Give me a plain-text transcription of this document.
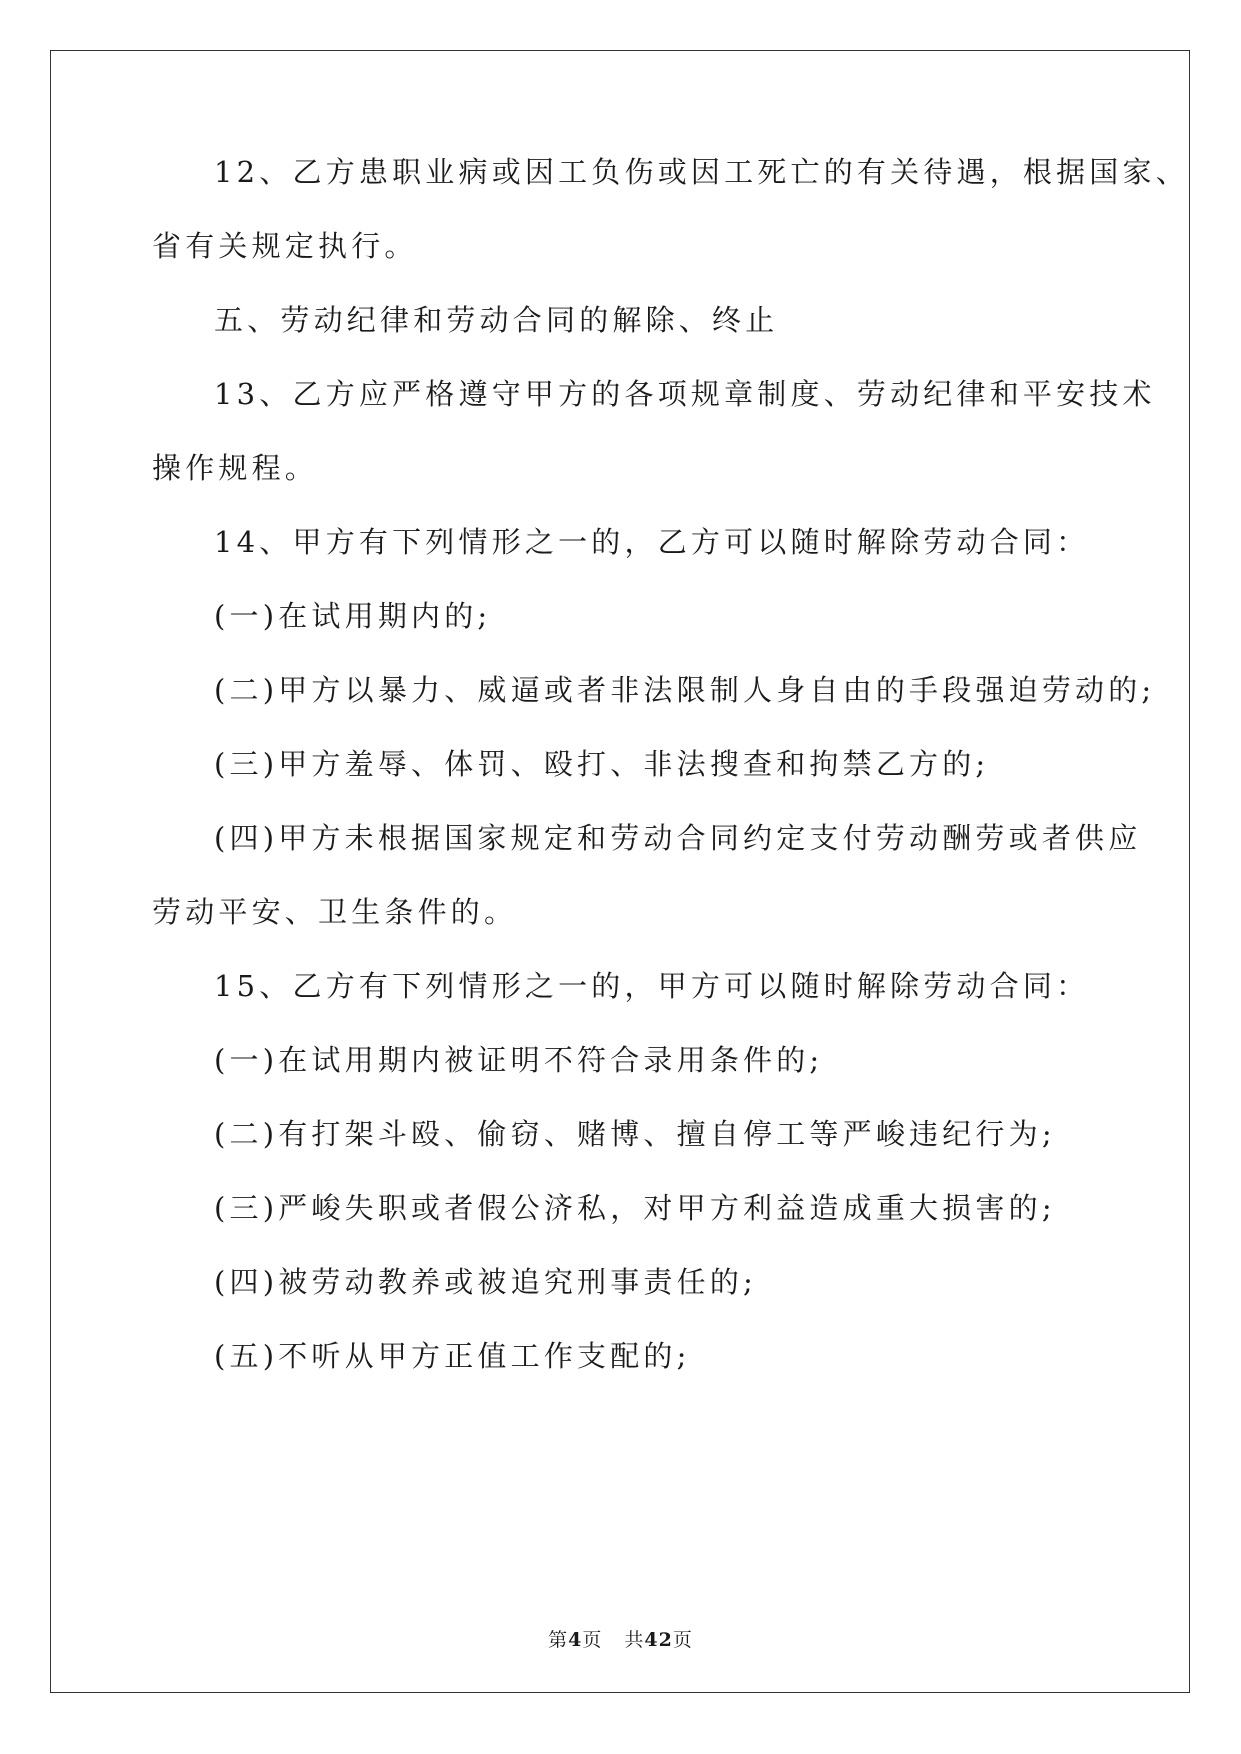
12、乙方患职业病或因工负伤或因工死亡的有关待遇，根据国家、
省有关规定执行。
五、劳动纪律和劳动合同的解除、终止
13、乙方应严格遵守甲方的各项规章制度、劳动纪律和平安技术
操作规程。
14、甲方有下列情形之一的，乙方可以随时解除劳动合同：
(一)在试用期内的;
(二)甲方以暴力、威逼或者非法限制人身自由的手段强迫劳动的;
(三)甲方羞辱、体罚、殴打、非法搜查和拘禁乙方的;
(四)甲方未根据国家规定和劳动合同约定支付劳动酬劳或者供应
劳动平安、卫生条件的。
15、乙方有下列情形之一的，甲方可以随时解除劳动合同：
(一)在试用期内被证明不符合录用条件的;
(二)有打架斗殴、偷窃、赌博、擅自停工等严峻违纪行为;
(三)严峻失职或者假公济私，对甲方利益造成重大损害的;
(四)被劳动教养或被追究刑事责任的;
(五)不听从甲方正值工作支配的;
第4页 共42页
